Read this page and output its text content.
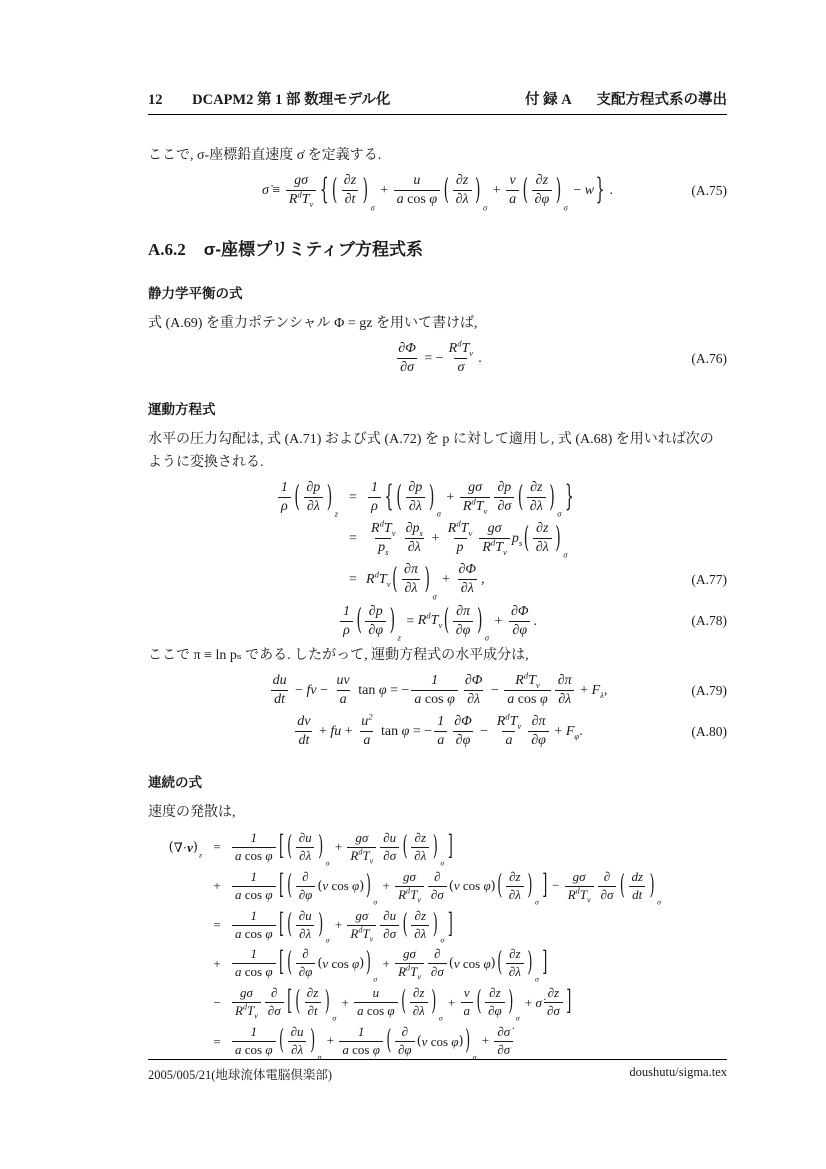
12 DCAPM2 第 1 部 数理モデル化	付 録 A 支配方程式系の導出

ここで, σ-座標鉛直速度 σ̇ を定義する.

σ̇ ≡ $\frac{g\sigma}{R^dT_v}$ { ( $\frac{\partial z}{\partial t}$ )
σ
+ $\frac{u}{\text{a cos φ}}$ ( $\frac{\partial z}{\partial\lambda}$ )
σ
+ $\frac{v}{a}$ ( $\frac{\partial z}{\partial\varphi}$ )
σ
− w } .	(A.75)
A.6.2 σ-座標プリミティブ方程式系
静力学平衡の式

式 (A.69) を重力ポテンシャル Φ = gz を用いて書けば,

$\frac{\partial\Phi}{\partial\sigma}$ = − $\frac{R^dT_v}{\sigma}$ .	(A.76)
運動方程式

水平の圧力勾配は, 式 (A.71) および式 (A.72) を p に対して適用し, 式 (A.68) を用いれば次のように変換される.

$\frac{1}{\rho}$ ( $\frac{\partial p}{\partial\lambda}$ )
z
= $\frac{1}{\rho}$ { ( $\frac{\partial p}{\partial\lambda}$ )
σ
+ $\frac{g\sigma}{R^dT_v} \frac{\partial p}{\partial\sigma}$ ( $\frac{\partial z}{\partial\lambda}$ )
σ
}
= $\frac{R^dT_v}{p_s} \frac{\partial p_s}{\partial\lambda} + \frac{R^dT_v}{p} \frac{g\sigma}{R^dT_v} p_s$ ( $\frac{\partial z}{\partial\lambda}$ )
σ
= $R^dT_v$ ( $\frac{\partial\pi}{\partial\lambda}$ )
σ
+ $\frac{\partial\Phi}{\partial\lambda}$ ,	(A.77)
$\frac{1}{\rho}$ ( $\frac{\partial p}{\partial\varphi}$ )
z
= $R^dT_v$ ( $\frac{\partial\pi}{\partial\varphi}$ )
σ
+ $\frac{\partial\Phi}{\partial\varphi}$ .	(A.78)

ここで π ≡ ln pₛ である. したがって, 運動方程式の水平成分は,

$\frac{du}{dt}$ − fv − $\frac{uv}{a}$ tan φ = − $\frac{1}{\text{a cos φ}} \frac{\partial\Phi}{\partial\lambda} - \frac{R^dT_v}{\text{a cos φ}} \frac{\partial\pi}{\partial\lambda} + F_\lambda$,	(A.79)
$\frac{dv}{dt}$ + fu + $\frac{u^2}{a}$ tan φ = − $\frac{1}{a} \frac{\partial\Phi}{\partial\varphi} - \frac{R^dT_v}{a} \frac{\partial\pi}{\partial\varphi} + F_\varphi$.	(A.80)
連続の式

速度の発散は,

( ∇· v ) z
= $\frac{1}{\text{a cos φ}}$ [ ( $\frac{\partial u}{\partial\lambda}$ ) σ
+ $\frac{g\sigma}{R^dT_v} \frac{\partial u}{\partial\sigma}$ ( $\frac{\partial z}{\partial\lambda}$ ) σ ]
+ $\frac{1}{\text{a cos φ}}$ [ ( $\frac{\partial}{\partial\varphi}$ ( v cos φ ) ) σ
+ $\frac{g\sigma}{R^dT_v} \frac{\partial}{\partial\sigma}$ ( v cos φ ) ( $\frac{\partial z}{\partial\lambda}$ ) σ ] − $\frac{g\sigma}{R^dT_v} \frac{\partial}{\partial\sigma}$ ( $\frac{dz}{dt}$ ) σ
= $\frac{1}{\text{a cos φ}}$ [ ( $\frac{\partial u}{\partial\lambda}$ ) σ
+ $\frac{g\sigma}{R^dT_v} \frac{\partial u}{\partial\sigma}$ ( $\frac{\partial z}{\partial\lambda}$ ) σ ]
+ $\frac{1}{\text{a cos φ}}$ [ ( $\frac{\partial}{\partial\varphi}$ ( v cos φ ) ) σ
+ $\frac{g\sigma}{R^dT_v} \frac{\partial}{\partial\sigma}$ ( v cos φ ) ( $\frac{\partial z}{\partial\lambda}$ ) σ ]
− $\frac{g\sigma}{R^dT_v} \frac{\partial}{\partial\sigma}$ [ ( $\frac{\partial z}{\partial t}$ ) σ
+ $\frac{u}{\text{a cos φ}}$ ( $\frac{\partial z}{\partial\lambda}$ ) σ
+ $\frac{v}{a}$ ( $\frac{\partial z}{\partial\varphi}$ ) σ
+ σ̇ $\frac{\partial z}{\partial\sigma}$ ]
= $\frac{1}{\text{a cos φ}}$ ( $\frac{\partial u}{\partial\lambda}$ ) σ
+ $\frac{1}{\text{a cos φ}}$ ( $\frac{\partial}{\partial\varphi}$ ( v cos φ ) ) σ
+ $\frac{\partial\sigmȧ}{\partial\sigma}$
2005/005/21(地球流体電脳倶楽部)	doushutu/sigma.tex
